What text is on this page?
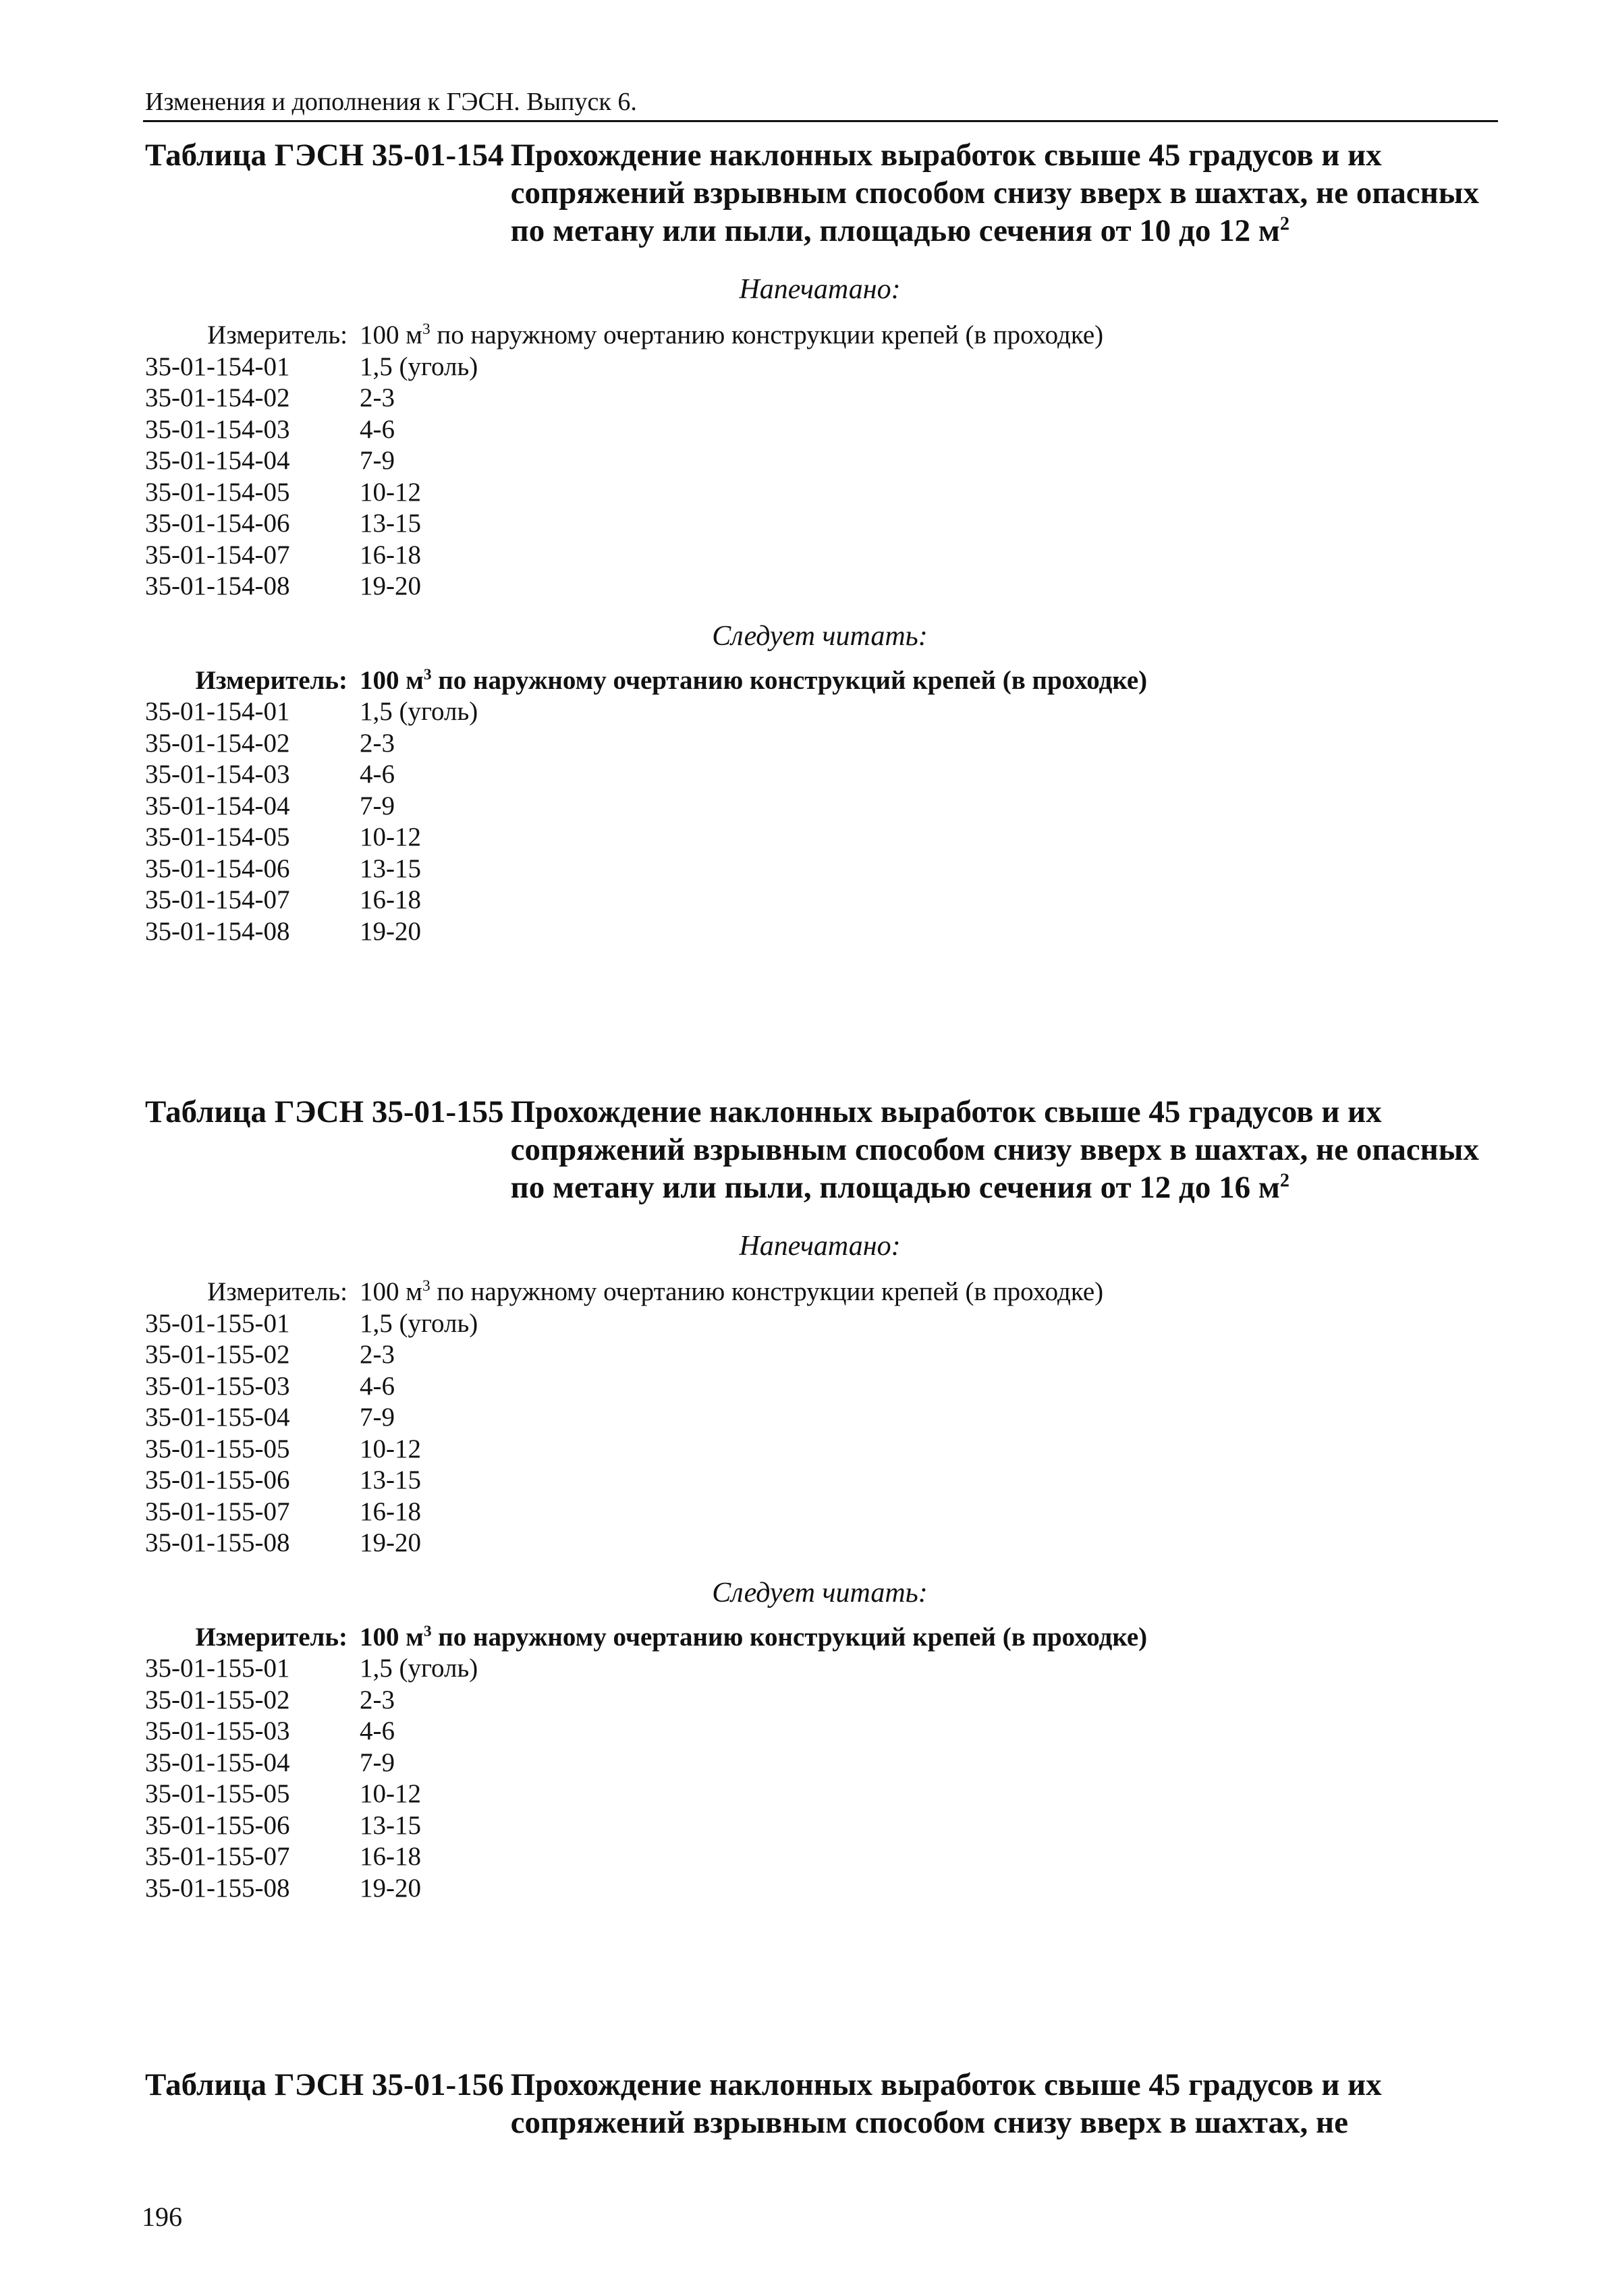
Изменения и дополнения к ГЭСН. Выпуск 6.
Таблица ГЭСН 35-01-154 Прохождение наклонных выработок свыше 45 градусов и их сопряжений взрывным способом снизу вверх в шахтах, не опасных по метану или пыли, площадью сечения от 10 до 12 $м^2$
Напечатано:
Измеритель: 100 $м^3$ по наружному очертанию конструкции крепей (в проходке)
35-01-154-01	1,5 (уголь)
35-01-154-02	2-3
35-01-154-03	4-6
35-01-154-04	7-9
35-01-154-05	10-12
35-01-154-06	13-15
35-01-154-07	16-18
35-01-154-08	19-20
Следует читать:
Измеритель: 100 $м^3$ по наружному очертанию конструкций крепей (в проходке)
35-01-154-01	1,5 (уголь)
35-01-154-02	2-3
35-01-154-03	4-6
35-01-154-04	7-9
35-01-154-05	10-12
35-01-154-06	13-15
35-01-154-07	16-18
35-01-154-08	19-20
Таблица ГЭСН 35-01-155 Прохождение наклонных выработок свыше 45 градусов и их сопряжений взрывным способом снизу вверх в шахтах, не опасных по метану или пыли, площадью сечения от 12 до 16 $м^2$
Напечатано:
Измеритель: 100 $м^3$ по наружному очертанию конструкции крепей (в проходке)
35-01-155-01	1,5 (уголь)
35-01-155-02	2-3
35-01-155-03	4-6
35-01-155-04	7-9
35-01-155-05	10-12
35-01-155-06	13-15
35-01-155-07	16-18
35-01-155-08	19-20
Следует читать:
Измеритель: 100 $м^3$ по наружному очертанию конструкций крепей (в проходке)
35-01-155-01	1,5 (уголь)
35-01-155-02	2-3
35-01-155-03	4-6
35-01-155-04	7-9
35-01-155-05	10-12
35-01-155-06	13-15
35-01-155-07	16-18
35-01-155-08	19-20
Таблица ГЭСН 35-01-156 Прохождение наклонных выработок свыше 45 градусов и их сопряжений взрывным способом снизу вверх в шахтах, не
196
